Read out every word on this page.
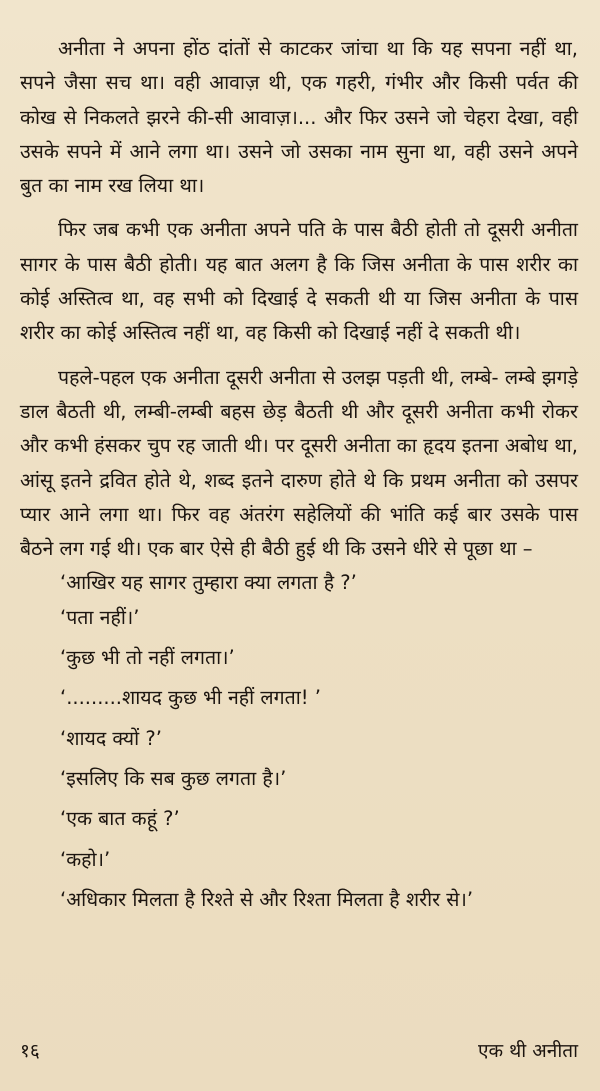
अनीता ने अपना होंठ दांतों से काटकर जांचा था कि यह सपना नहीं था, सपने जैसा सच था। वही आवाज़ थी, एक गहरी, गंभीर और किसी पर्वत की कोख से निकलते झरने की-सी आवाज़।... और फिर उसने जो चेहरा देखा, वही उसके सपने में आने लगा था। उसने जो उसका नाम सुना था, वही उसने अपने बुत का नाम रख लिया था।

फिर जब कभी एक अनीता अपने पति के पास बैठी होती तो दूसरी अनीता सागर के पास बैठी होती। यह बात अलग है कि जिस अनीता के पास शरीर का कोई अस्तित्व था, वह सभी को दिखाई दे सकती थी या जिस अनीता के पास शरीर का कोई अस्तित्व नहीं था, वह किसी को दिखाई नहीं दे सकती थी।

पहले-पहल एक अनीता दूसरी अनीता से उलझ पड़ती थी, लम्बे- लम्बे झगड़े डाल बैठती थी, लम्बी-लम्बी बहस छेड़ बैठती थी और दूसरी अनीता कभी रोकर और कभी हंसकर चुप रह जाती थी। पर दूसरी अनीता का हृदय इतना अबोध था, आंसू इतने द्रवित होते थे, शब्द इतने दारुण होते थे कि प्रथम अनीता को उसपर प्यार आने लगा था। फिर वह अंतरंग सहेलियों की भांति कई बार उसके पास बैठने लग गई थी। एक बार ऐसे ही बैठी हुई थी कि उसने धीरे से पूछा था –

‘आखिर यह सागर तुम्हारा क्या लगता है ?’

‘पता नहीं।’

‘कुछ भी तो नहीं लगता।’

‘.........शायद कुछ भी नहीं लगता! ’

‘शायद क्यों ?’

‘इसलिए कि सब कुछ लगता है।’

‘एक बात कहूं ?’

‘कहो।’

‘अधिकार मिलता है रिश्ते से और रिश्ता मिलता है शरीर से।’

१६	एक थी अनीता
